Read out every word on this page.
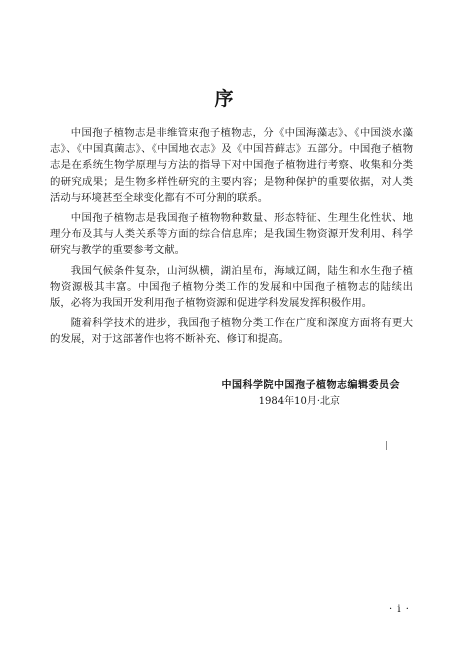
序

中国孢子植物志是非维管束孢子植物志，分《中国海藻志》、《中国淡水藻志》、《中国真菌志》、《中国地衣志》及《中国苔藓志》五部分。中国孢子植物志是在系统生物学原理与方法的指导下对中国孢子植物进行考察、收集和分类的研究成果；是生物多样性研究的主要内容；是物种保护的重要依据，对人类活动与环境甚至全球变化都有不可分割的联系。

中国孢子植物志是我国孢子植物物种数量、形态特征、生理生化性状、地理分布及其与人类关系等方面的综合信息库；是我国生物资源开发利用、科学研究与教学的重要参考文献。

我国气候条件复杂，山河纵横，湖泊星布，海域辽阔，陆生和水生孢子植物资源极其丰富。中国孢子植物分类工作的发展和中国孢子植物志的陆续出版，必将为我国开发利用孢子植物资源和促进学科发展发挥积极作用。

随着科学技术的进步，我国孢子植物分类工作在广度和深度方面将有更大的发展，对于这部著作也将不断补充、修订和提高。

中国科学院中国孢子植物志编辑委员会
1984年10月·北京
· i ·
